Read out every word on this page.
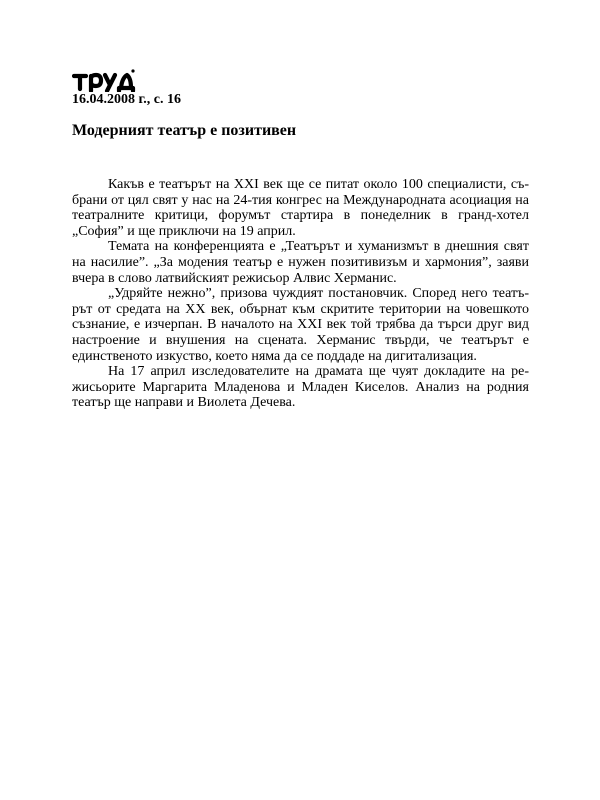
16.04.2008 г., с. 16
Модерният театър е позитивен

Какъв е театърът на XXI век ще се питат около 100 специалисти, събрани от цял свят у нас на 24-тия конгрес на Международната асоциация на театралните критици, форумът стартира в понеделник в гранд-хотел „София” и ще приключи на 19 април.

Темата на конференцията е „Театърът и хуманизмът в днешния свят на насилие”. „За модения театър е нужен позитивизъм и хармония”, заяви вчера в слово латвийският режисьор Алвис Херманис.

„Удряйте нежно”, призова чуждият постановчик. Според него театърът от средата на XX век, обърнат към скритите територии на човешкото съзнание, е изчерпан. В началото на XXI век той трябва да търси друг вид настроение и внушения на сцената. Херманис твърди, че театърът е единственото изкуство, което няма да се поддаде на дигитализация.

На 17 април изследователите на драмата ще чуят докладите на режисьорите Маргарита Младенова и Младен Киселов. Анализ на родния театър ще направи и Виолета Дечева.
